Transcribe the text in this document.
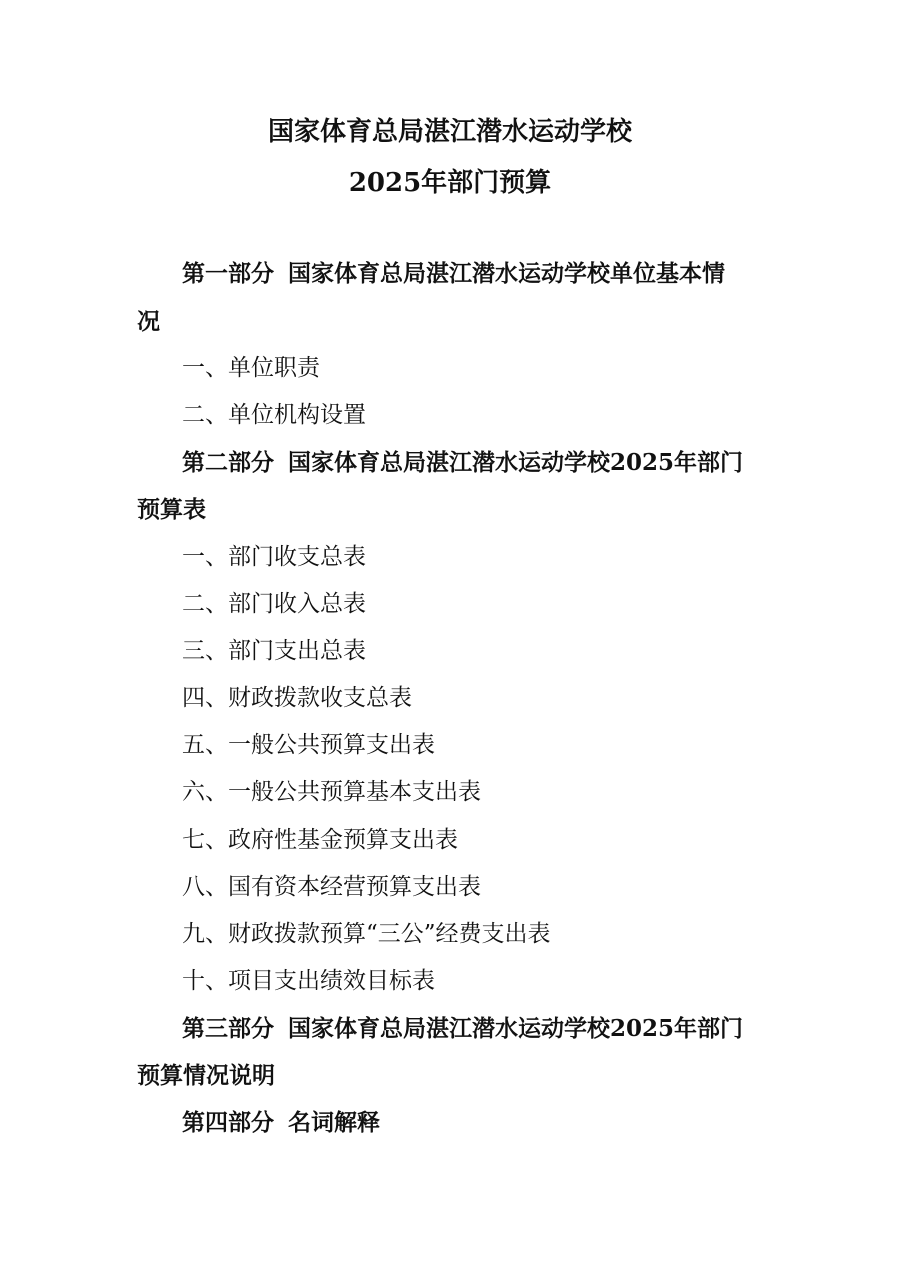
国家体育总局湛江潜水运动学校
2025年部门预算
第一部分 国家体育总局湛江潜水运动学校单位基本情
况
一、单位职责
二、单位机构设置
第二部分 国家体育总局湛江潜水运动学校2025年部门
预算表
一、部门收支总表
二、部门收入总表
三、部门支出总表
四、财政拨款收支总表
五、一般公共预算支出表
六、一般公共预算基本支出表
七、政府性基金预算支出表
八、国有资本经营预算支出表
九、财政拨款预算“三公”经费支出表
十、项目支出绩效目标表
第三部分 国家体育总局湛江潜水运动学校2025年部门
预算情况说明
第四部分 名词解释
